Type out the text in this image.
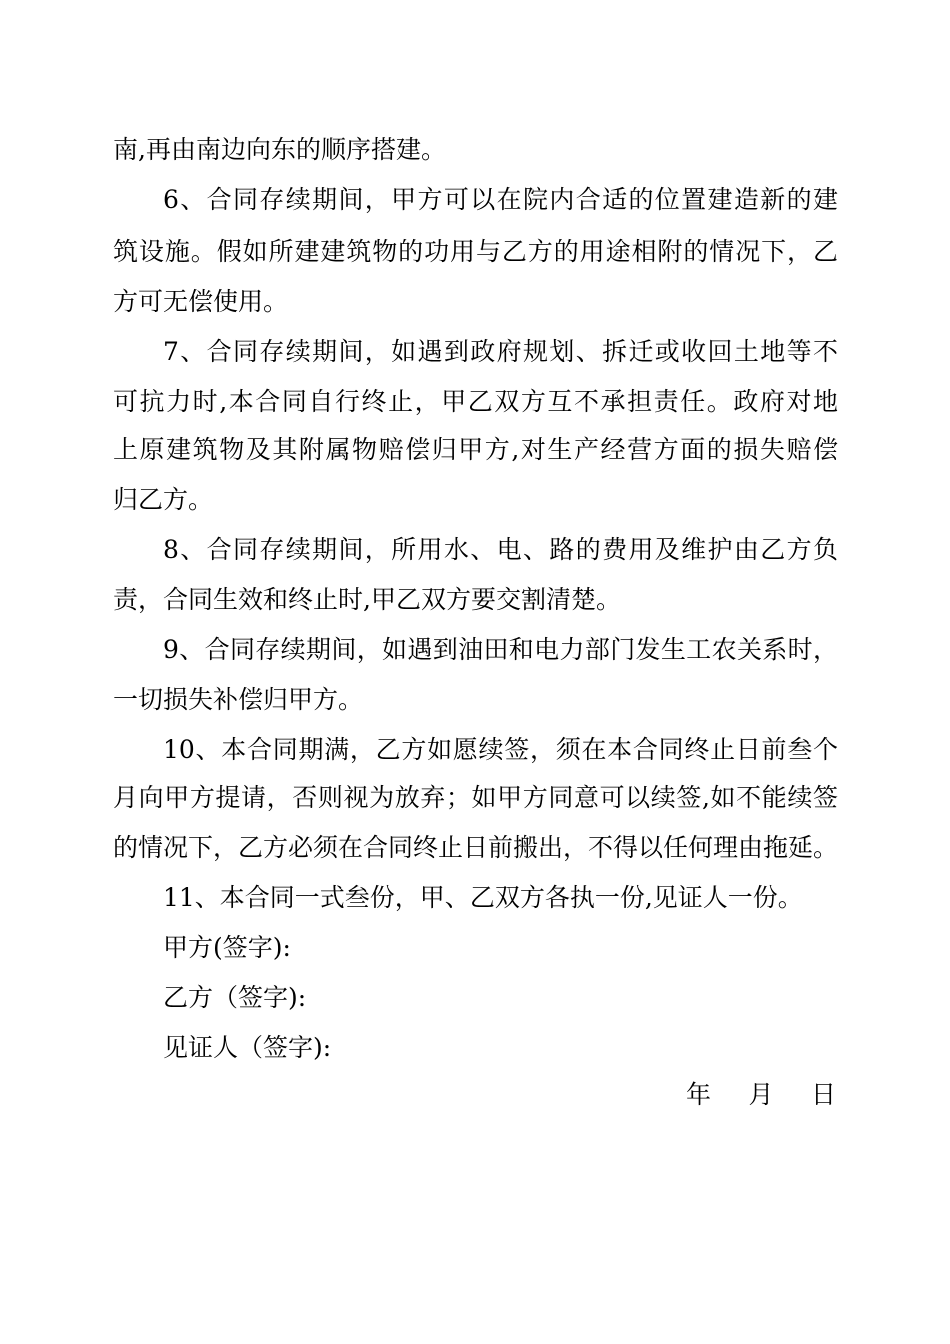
南,再由南边向东的顺序搭建。
6、合同存续期间，甲方可以在院内合适的位置建造新的建
筑设施。假如所建建筑物的功用与乙方的用途相附的情况下，乙
方可无偿使用。
7、合同存续期间，如遇到政府规划、拆迁或收回土地等不
可抗力时,本合同自行终止，甲乙双方互不承担责任。政府对地
上原建筑物及其附属物赔偿归甲方,对生产经营方面的损失赔偿
归乙方。
8、合同存续期间，所用水、电、路的费用及维护由乙方负
责，合同生效和终止时,甲乙双方要交割清楚。
9、合同存续期间，如遇到油田和电力部门发生工农关系时，
一切损失补偿归甲方。
10、本合同期满，乙方如愿续签，须在本合同终止日前叁个
月向甲方提请，否则视为放弃；如甲方同意可以续签,如不能续签
的情况下，乙方必须在合同终止日前搬出，不得以任何理由拖延。
11、本合同一式叁份，甲、乙双方各执一份,见证人一份。
甲方(签字):
乙方（签字):
见证人（签字):
年 月 日
